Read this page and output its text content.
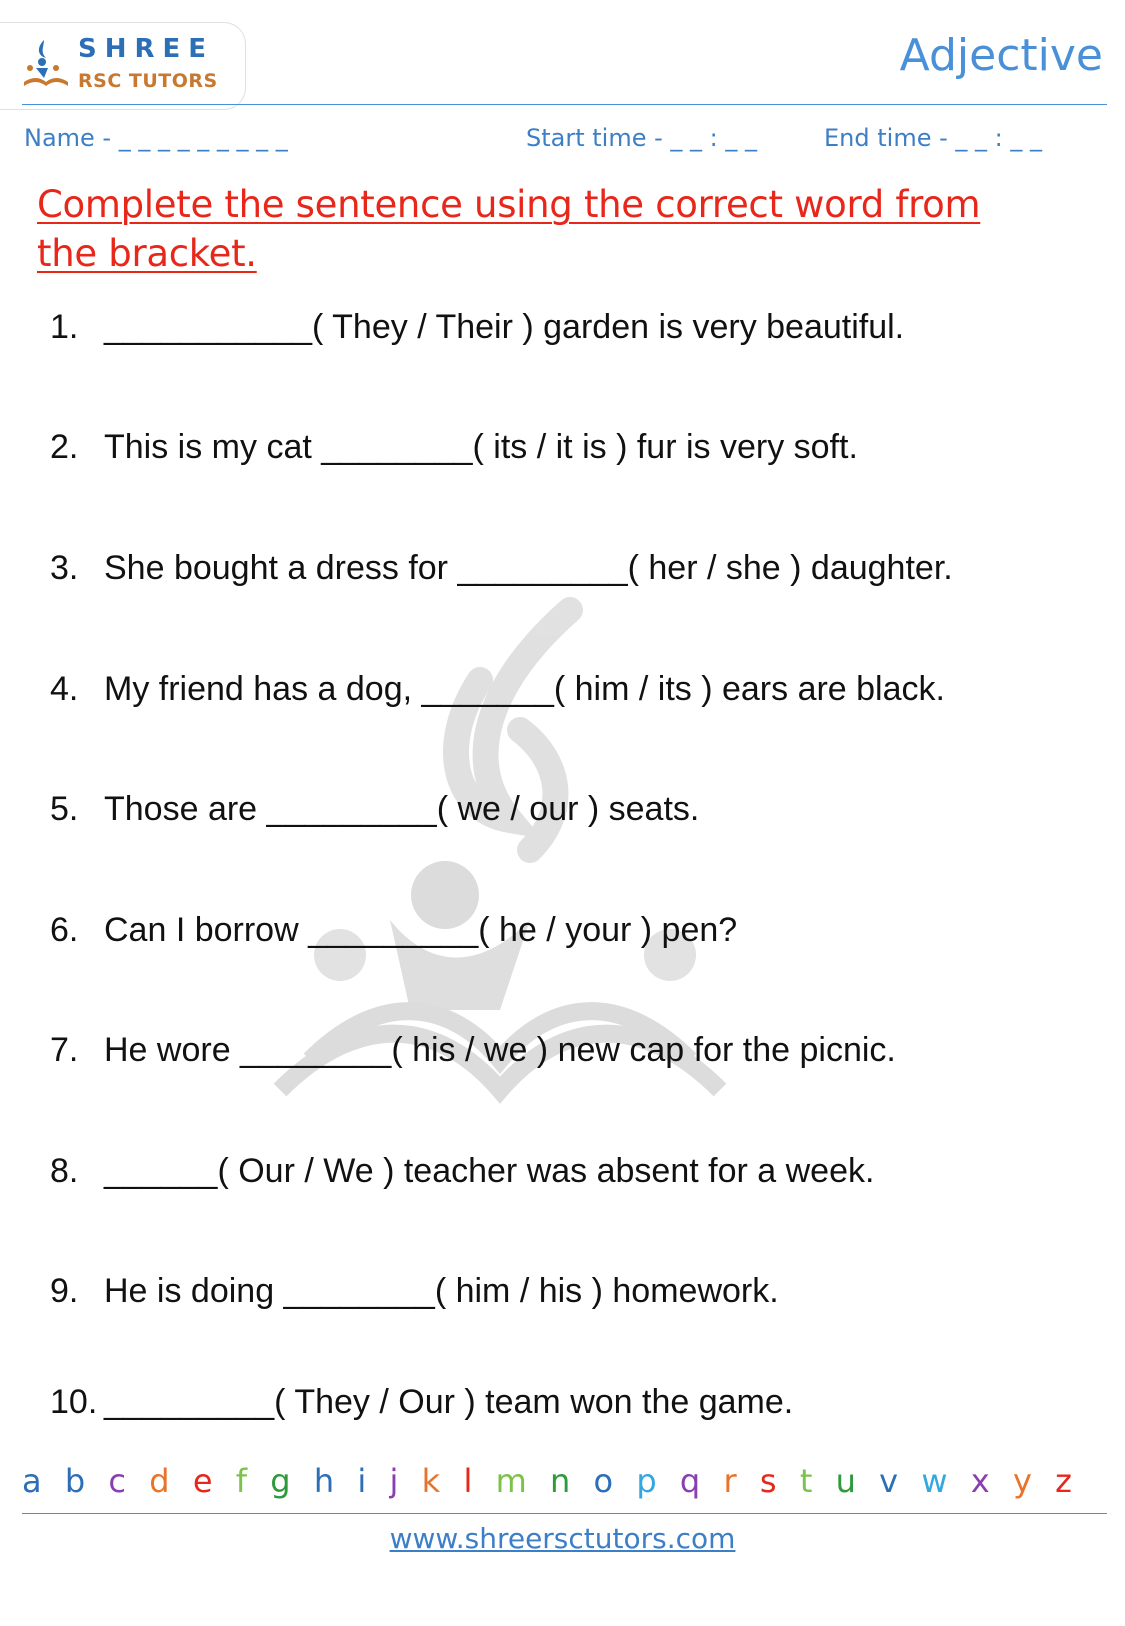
SHREE
RSC TUTORS	Adjective
Name - _ _ _ _ _ _ _ _ _	Start time - _ _ : _ _	End time - _ _ : _ _
Complete the sentence using the correct word from the bracket.
1. ___________( They / Their ) garden is very beautiful.
2. This is my cat ________( its / it is ) fur is very soft.
3. She bought a dress for _________( her / she ) daughter.
4. My friend has a dog, _______( him / its ) ears are black.
5. Those are _________( we / our ) seats.
6. Can I borrow _________( he / your ) pen?
7. He wore ________( his / we ) new cap for the picnic.
8. ______( Our / We ) teacher was absent for a week.
9. He is doing ________( him / his ) homework.
10. _________( They / Our ) team won the game.
a b c d e f g h i j k l m n o p q r s t u v w x y z
www.shreersctutors.com
